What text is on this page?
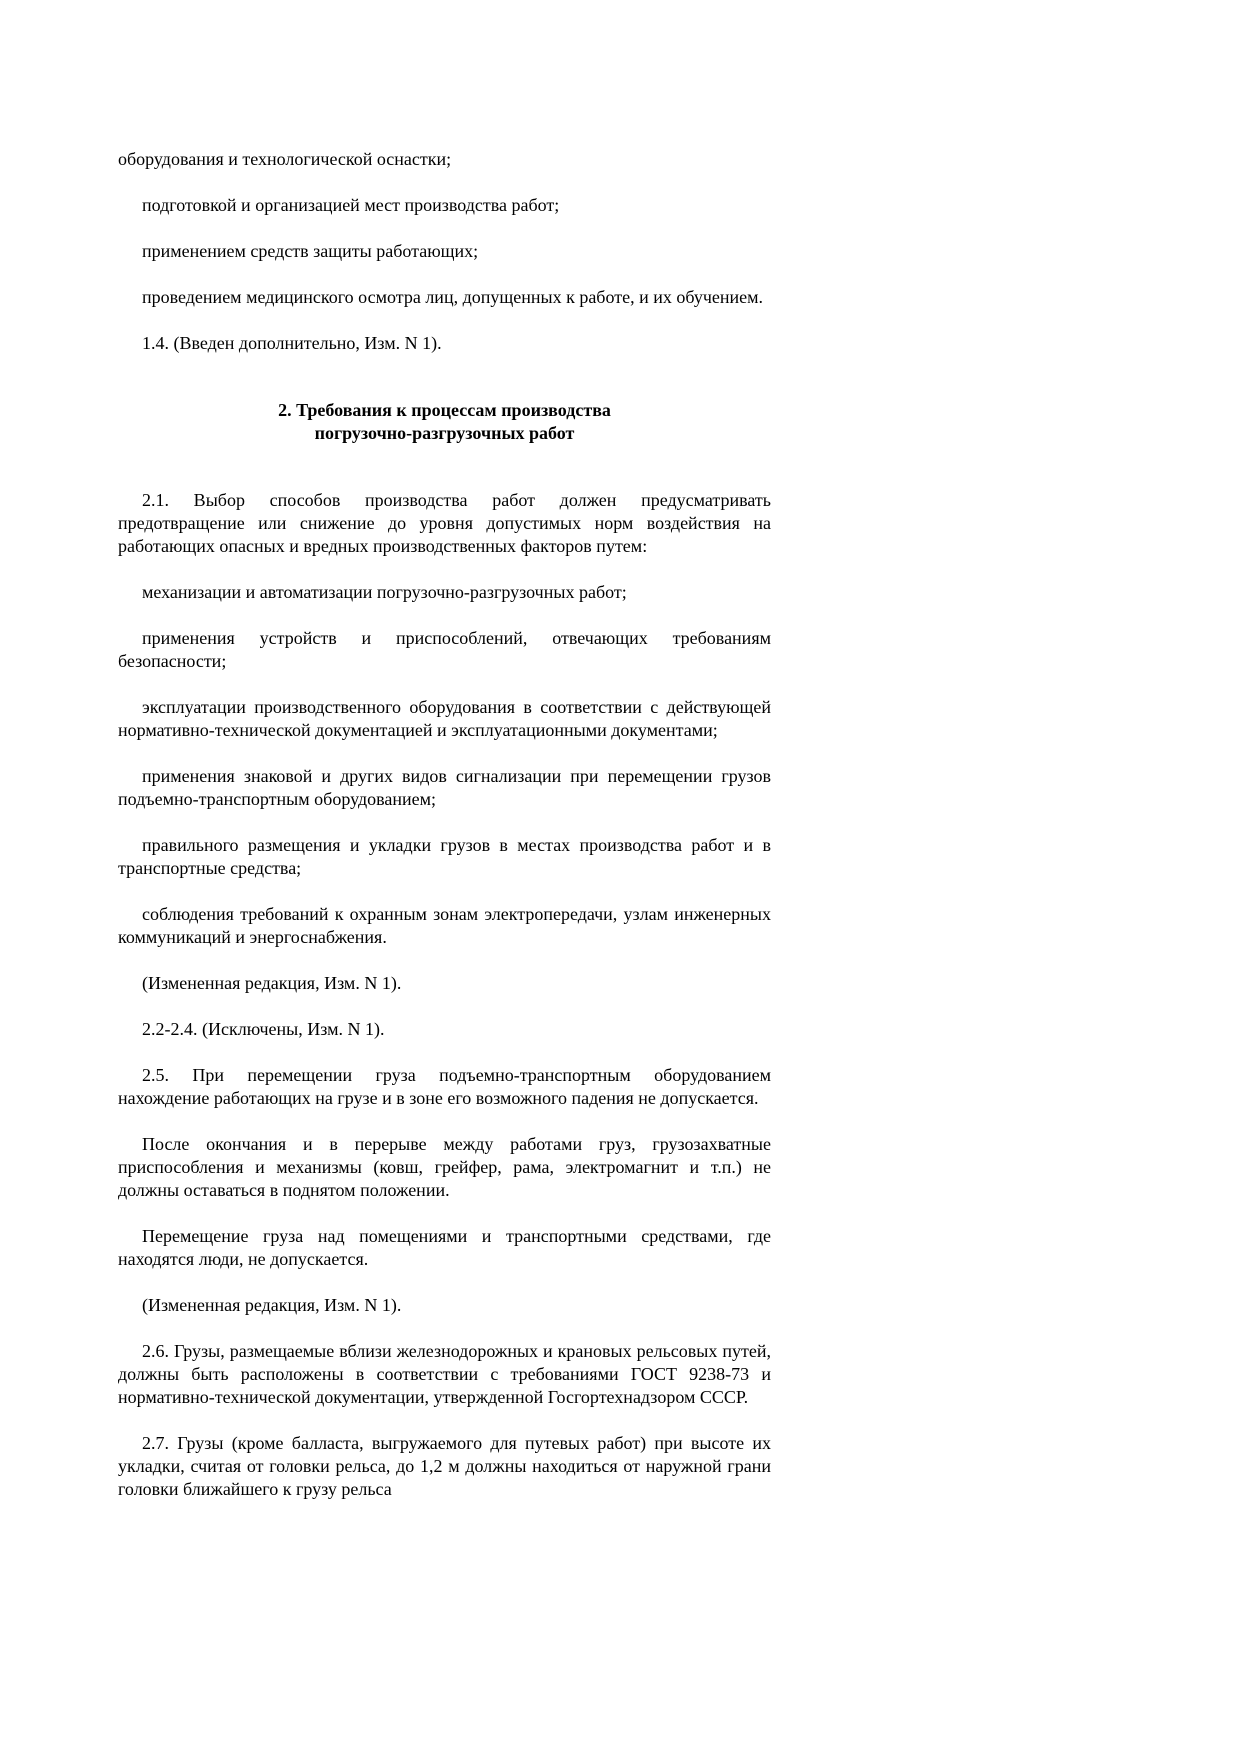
оборудования и технологической оснастки;

подготовкой и организацией мест производства работ;

применением средств защиты работающих;

проведением медицинского осмотра лиц, допущенных к работе, и их обучением.

1.4. (Введен дополнительно, Изм. N 1).

2. Требования к процессам производства
погрузочно-разгрузочных работ

2.1. Выбор способов производства работ должен предусматривать предотвращение или снижение до уровня допустимых норм воздействия на работающих опасных и вредных производственных факторов путем:

механизации и автоматизации погрузочно-разгрузочных работ;

применения устройств и приспособлений, отвечающих требованиям безопасности;

эксплуатации производственного оборудования в соответствии с действующей нормативно-технической документацией и эксплуатационными документами;

применения знаковой и других видов сигнализации при перемещении грузов подъемно-транспортным оборудованием;

правильного размещения и укладки грузов в местах производства работ и в транспортные средства;

соблюдения требований к охранным зонам электропередачи, узлам инженерных коммуникаций и энергоснабжения.

(Измененная редакция, Изм. N 1).

2.2-2.4. (Исключены, Изм. N 1).

2.5. При перемещении груза подъемно-транспортным оборудованием нахождение работающих на грузе и в зоне его возможного падения не допускается.

После окончания и в перерыве между работами груз, грузозахватные приспособления и механизмы (ковш, грейфер, рама, электромагнит и т.п.) не должны оставаться в поднятом положении.

Перемещение груза над помещениями и транспортными средствами, где находятся люди, не допускается.

(Измененная редакция, Изм. N 1).

2.6. Грузы, размещаемые вблизи железнодорожных и крановых рельсовых путей, должны быть расположены в соответствии с требованиями ГОСТ 9238-73 и нормативно-технической документации, утвержденной Госгортехнадзором СССР.

2.7. Грузы (кроме балласта, выгружаемого для путевых работ) при высоте их укладки, считая от головки рельса, до 1,2 м должны находиться от наружной грани головки ближайшего к грузу рельса
